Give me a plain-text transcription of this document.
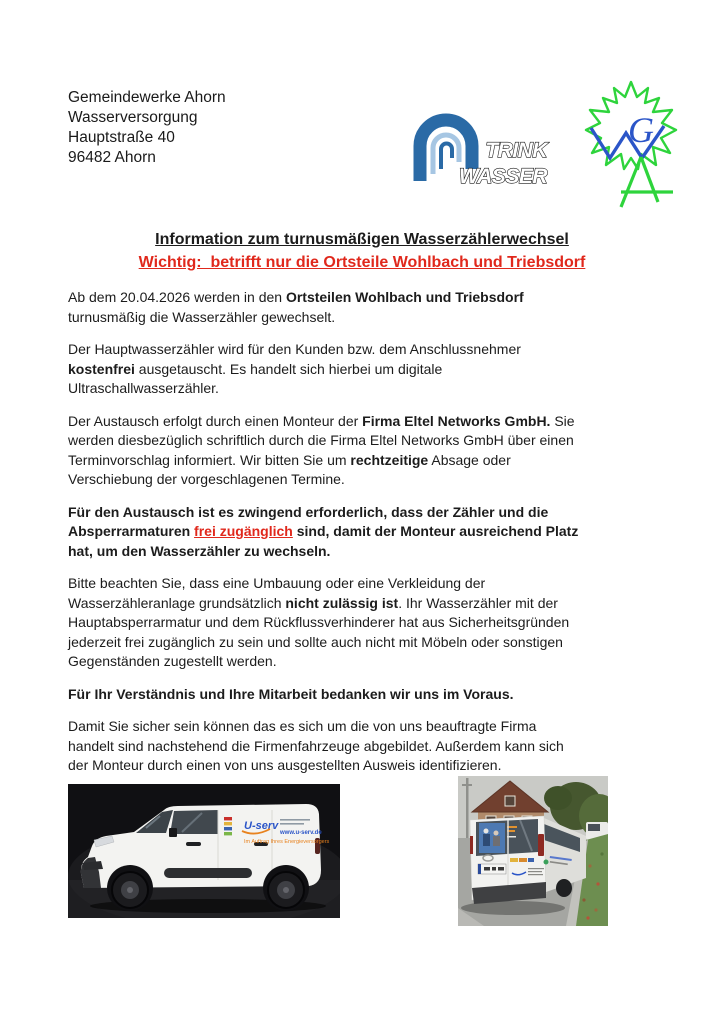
Gemeindewerke Ahorn
Wasserversorgung
Hauptstraße 40
96482 Ahorn	TRINK
WASSER
G
Information zum turnusmäßigen Wasserzählerwechsel
Wichtig:  betrifft nur die Ortsteile Wohlbach und Triebsdorf
Ab dem 20.04.2026 werden in den Ortsteilen Wohlbach und Triebsdorf
turnusmäßig die Wasserzähler gewechselt.
Der Hauptwasserzähler wird für den Kunden bzw. dem Anschlussnehmer
kostenfrei ausgetauscht. Es handelt sich hierbei um digitale
Ultraschallwasserzähler.
Der Austausch erfolgt durch einen Monteur der Firma Eltel Networks GmbH. Sie
werden diesbezüglich schriftlich durch die Firma Eltel Networks GmbH über einen
Terminvorschlag informiert. Wir bitten Sie um rechtzeitige Absage oder
Verschiebung der vorgeschlagenen Termine.
Für den Austausch ist es zwingend erforderlich, dass der Zähler und die
Absperrarmaturen frei zugänglich sind, damit der Monteur ausreichend Platz
hat, um den Wasserzähler zu wechseln.
Bitte beachten Sie, dass eine Umbauung oder eine Verkleidung der
Wasserzähleranlage grundsätzlich nicht zulässig ist. Ihr Wasserzähler mit der
Hauptabsperrarmatur und dem Rückflussverhinderer hat aus Sicherheitsgründen
jederzeit frei zugänglich zu sein und sollte auch nicht mit Möbeln oder sonstigen
Gegenständen zugestellt werden.
Für Ihr Verständnis und Ihre Mitarbeit bedanken wir uns im Voraus.
Damit Sie sicher sein können das es sich um die von uns beauftragte Firma
handelt sind nachstehend die Firmenfahrzeuge abgebildet. Außerdem kann sich
der Monteur durch einen von uns ausgestellten Ausweis identifizieren.
U-serv
www.u-serv.de
Im Auftrag Ihres Energieversorgers
